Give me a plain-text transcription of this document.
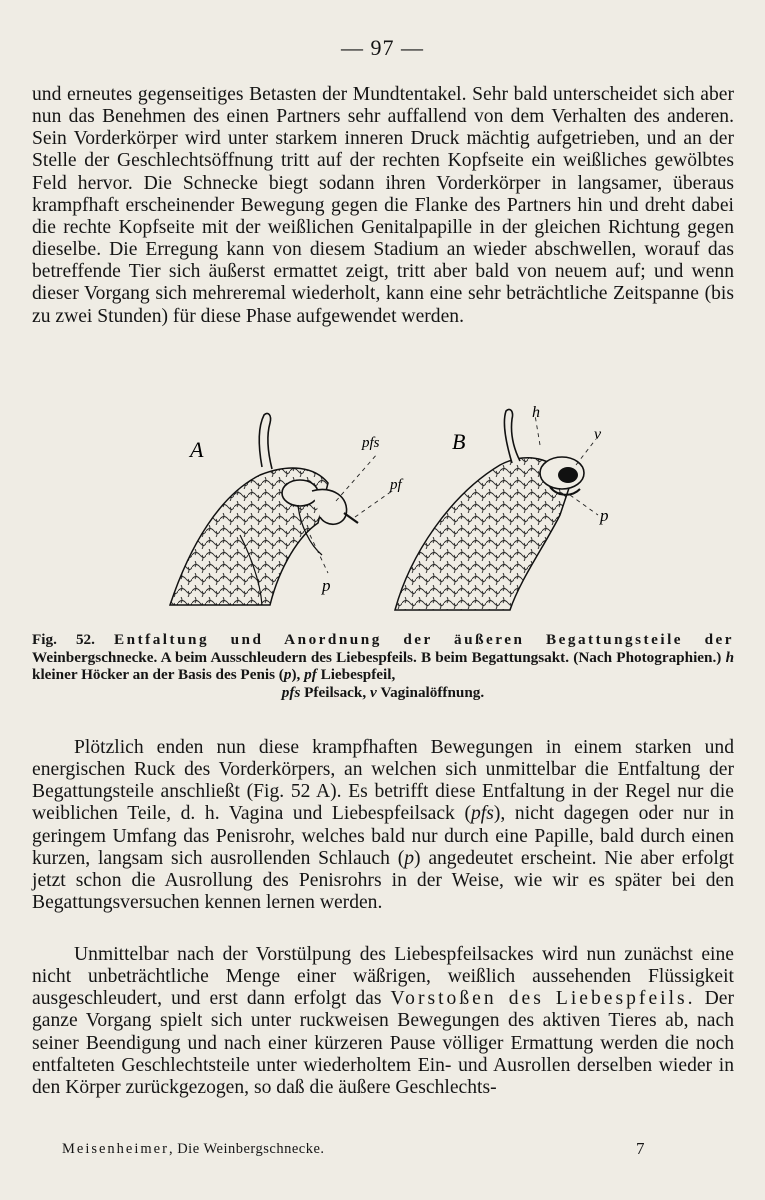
— 97 —

und erneutes gegenseitiges Betasten der Mundtentakel. Sehr bald unterscheidet sich aber nun das Benehmen des einen Partners sehr auffallend von dem Verhalten des anderen. Sein Vorderkörper wird unter starkem inneren Druck mächtig aufgetrieben, und an der Stelle der Geschlechtsöffnung tritt auf der rechten Kopfseite ein weißliches gewölbtes Feld hervor. Die Schnecke biegt sodann ihren Vorderkörper in langsamer, überaus krampfhaft erscheinender Bewegung gegen die Flanke des Partners hin und dreht dabei die rechte Kopfseite mit der weißlichen Genitalpapille in der gleichen Richtung gegen dieselbe. Die Erregung kann von diesem Stadium an wieder abschwellen, worauf das betreffende Tier sich äußerst ermattet zeigt, tritt aber bald von neuem auf; und wenn dieser Vorgang sich mehreremal wiederholt, kann eine sehr beträchtliche Zeitspanne (bis zu zwei Stunden) für diese Phase aufgewendet werden.

A	pfs
pf
p
B
h
v
p

Fig. 52. Entfaltung und Anordnung der äußeren Begattungsteile der Weinbergschnecke. A beim Ausschleudern des Liebespfeils. B beim Begattungsakt. (Nach Photographien.) h kleiner Höcker an der Basis des Penis (p), pf Liebespfeil,
pfs Pfeilsack, v Vaginalöffnung.

Plötzlich enden nun diese krampfhaften Bewegungen in einem starken und energischen Ruck des Vorderkörpers, an welchen sich unmittelbar die Entfaltung der Begattungsteile anschließt (Fig. 52 A). Es betrifft diese Entfaltung in der Regel nur die weiblichen Teile, d. h. Vagina und Liebespfeilsack (pfs), nicht dagegen oder nur in geringem Umfang das Penisrohr, welches bald nur durch eine Papille, bald durch einen kurzen, langsam sich ausrollenden Schlauch (p) angedeutet erscheint. Nie aber erfolgt jetzt schon die Ausrollung des Penisrohrs in der Weise, wie wir es später bei den Begattungsversuchen kennen lernen werden.

Unmittelbar nach der Vorstülpung des Liebespfeilsackes wird nun zunächst eine nicht unbeträchtliche Menge einer wäßrigen, weißlich aussehenden Flüssigkeit ausgeschleudert, und erst dann erfolgt das Vorstoßen des Liebespfeils. Der ganze Vorgang spielt sich unter ruckweisen Bewegungen des aktiven Tieres ab, nach seiner Beendigung und nach einer kürzeren Pause völliger Ermattung werden die noch entfalteten Geschlechtsteile unter wiederholtem Ein- und Ausrollen derselben wieder in den Körper zurückgezogen, so daß die äußere Geschlechts-

Meisenheimer, Die Weinbergschnecke.	7
